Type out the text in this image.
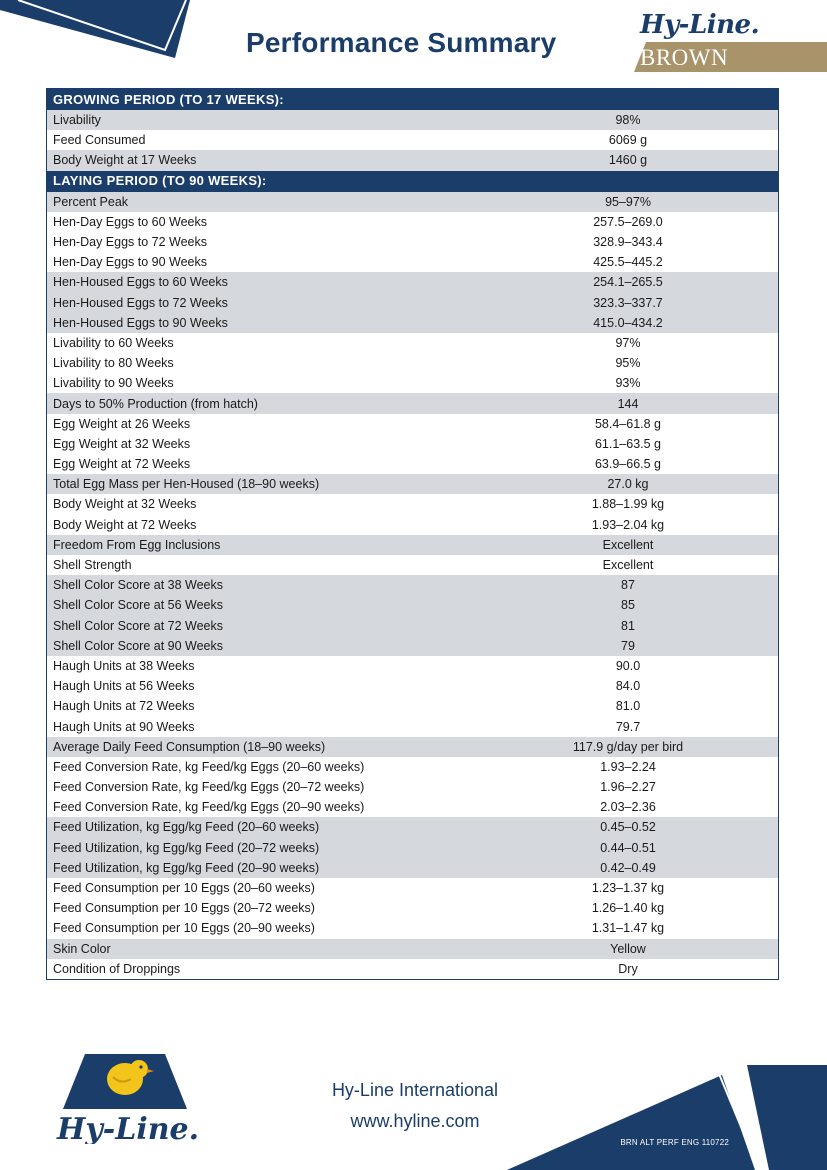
Performance Summary
Hy-Line.
BROWN
GROWING PERIOD (TO 17 WEEKS):	
Livability	98%
Feed Consumed	6069 g
Body Weight at 17 Weeks	1460 g
LAYING PERIOD (TO 90 WEEKS):	
Percent Peak	95–97%
Hen-Day Eggs to 60 Weeks	257.5–269.0
Hen-Day Eggs to 72 Weeks	328.9–343.4
Hen-Day Eggs to 90 Weeks	425.5–445.2
Hen-Housed Eggs to 60 Weeks	254.1–265.5
Hen-Housed Eggs to 72 Weeks	323.3–337.7
Hen-Housed Eggs to 90 Weeks	415.0–434.2
Livability to 60 Weeks	97%
Livability to 80 Weeks	95%
Livability to 90 Weeks	93%
Days to 50% Production (from hatch)	144
Egg Weight at 26 Weeks	58.4–61.8 g
Egg Weight at 32 Weeks	61.1–63.5 g
Egg Weight at 72 Weeks	63.9–66.5 g
Total Egg Mass per Hen-Housed (18–90 weeks)	27.0 kg
Body Weight at 32 Weeks	1.88–1.99 kg
Body Weight at 72 Weeks	1.93–2.04 kg
Freedom From Egg Inclusions	Excellent
Shell Strength	Excellent
Shell Color Score at 38 Weeks	87
Shell Color Score at 56 Weeks	85
Shell Color Score at 72 Weeks	81
Shell Color Score at 90 Weeks	79
Haugh Units at 38 Weeks	90.0
Haugh Units at 56 Weeks	84.0
Haugh Units at 72 Weeks	81.0
Haugh Units at 90 Weeks	79.7
Average Daily Feed Consumption (18–90 weeks)	117.9 g/day per bird
Feed Conversion Rate, kg Feed/kg Eggs (20–60 weeks)	1.93–2.24
Feed Conversion Rate, kg Feed/kg Eggs (20–72 weeks)	1.96–2.27
Feed Conversion Rate, kg Feed/kg Eggs (20–90 weeks)	2.03–2.36
Feed Utilization, kg Egg/kg Feed (20–60 weeks)	0.45–0.52
Feed Utilization, kg Egg/kg Feed (20–72 weeks)	0.44–0.51
Feed Utilization, kg Egg/kg Feed (20–90 weeks)	0.42–0.49
Feed Consumption per 10 Eggs (20–60 weeks)	1.23–1.37 kg
Feed Consumption per 10 Eggs (20–72 weeks)	1.26–1.40 kg
Feed Consumption per 10 Eggs (20–90 weeks)	1.31–1.47 kg
Skin Color	Yellow
Condition of Droppings	Dry
Hy-Line.
Hy-Line International
www.hyline.com
BRN ALT PERF ENG 110722
